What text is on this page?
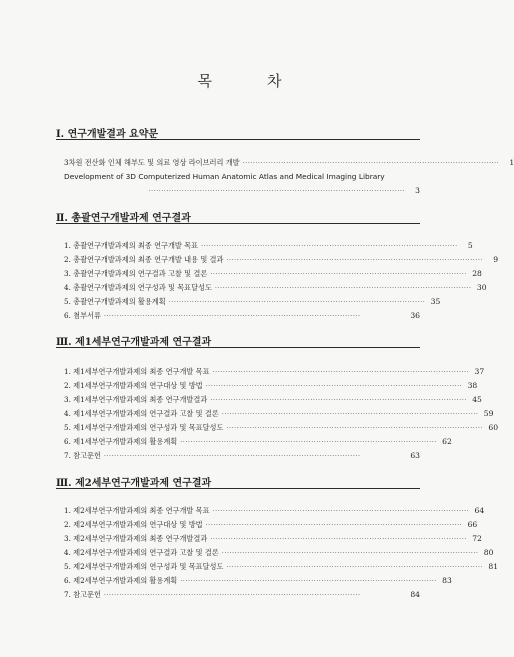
목	차
Ⅰ. 연구개발결과 요약문
3차원 전산화 인체 해부도 및 의료 영상 라이브러리 개발 ····································································································	1
Development of 3D Computerized Human Anatomic Atlas and Medical Imaging Library
····································································································	3
Ⅱ. 총괄연구개발과제 연구결과
1. 총괄연구개발과제의 최종 연구개발 목표 ····································································································	5
2. 총괄연구개발과제의 최종 연구개발 내용 및 결과 ····································································································	9
3. 총괄연구개발과제의 연구결과 고찰 및 결론 ···································································································· 28
4. 총괄연구개발과제의 연구성과 및 목표달성도 ···································································································· 30
5. 총괄연구개발과제의 활용계획 ···································································································· 35
6. 첨부서류 ····································································································	36
Ⅲ. 제1세부연구개발과제 연구결과
1. 제1세부연구개발과제의 최종 연구개발 목표 ···································································································· 37
2. 제1세부연구개발과제의 연구대상 및 방법 ···································································································· 38
3. 제1세부연구개발과제의 최종 연구개발결과 ···································································································· 45
4. 제1세부연구개발과제의 연구결과 고찰 및 결론 ···································································································· 59
5. 제1세부연구개발과제의 연구성과 및 목표달성도 ···································································································· 60
6. 제1세부연구개발과제의 활용계획 ···································································································· 62
7. 참고문헌 ····································································································	63
Ⅲ. 제2세부연구개발과제 연구결과
1. 제2세부연구개발과제의 최종 연구개발 목표 ···································································································· 64
2. 제2세부연구개발과제의 연구대상 및 방법 ···································································································· 66
3. 제2세부연구개발과제의 최종 연구개발결과 ···································································································· 72
4. 제2세부연구개발과제의 연구결과 고찰 및 결론 ···································································································· 80
5. 제2세부연구개발과제의 연구성과 및 목표달성도 ···································································································· 81
6. 제2세부연구개발과제의 활용계획 ···································································································· 83
7. 참고문헌 ····································································································	84
